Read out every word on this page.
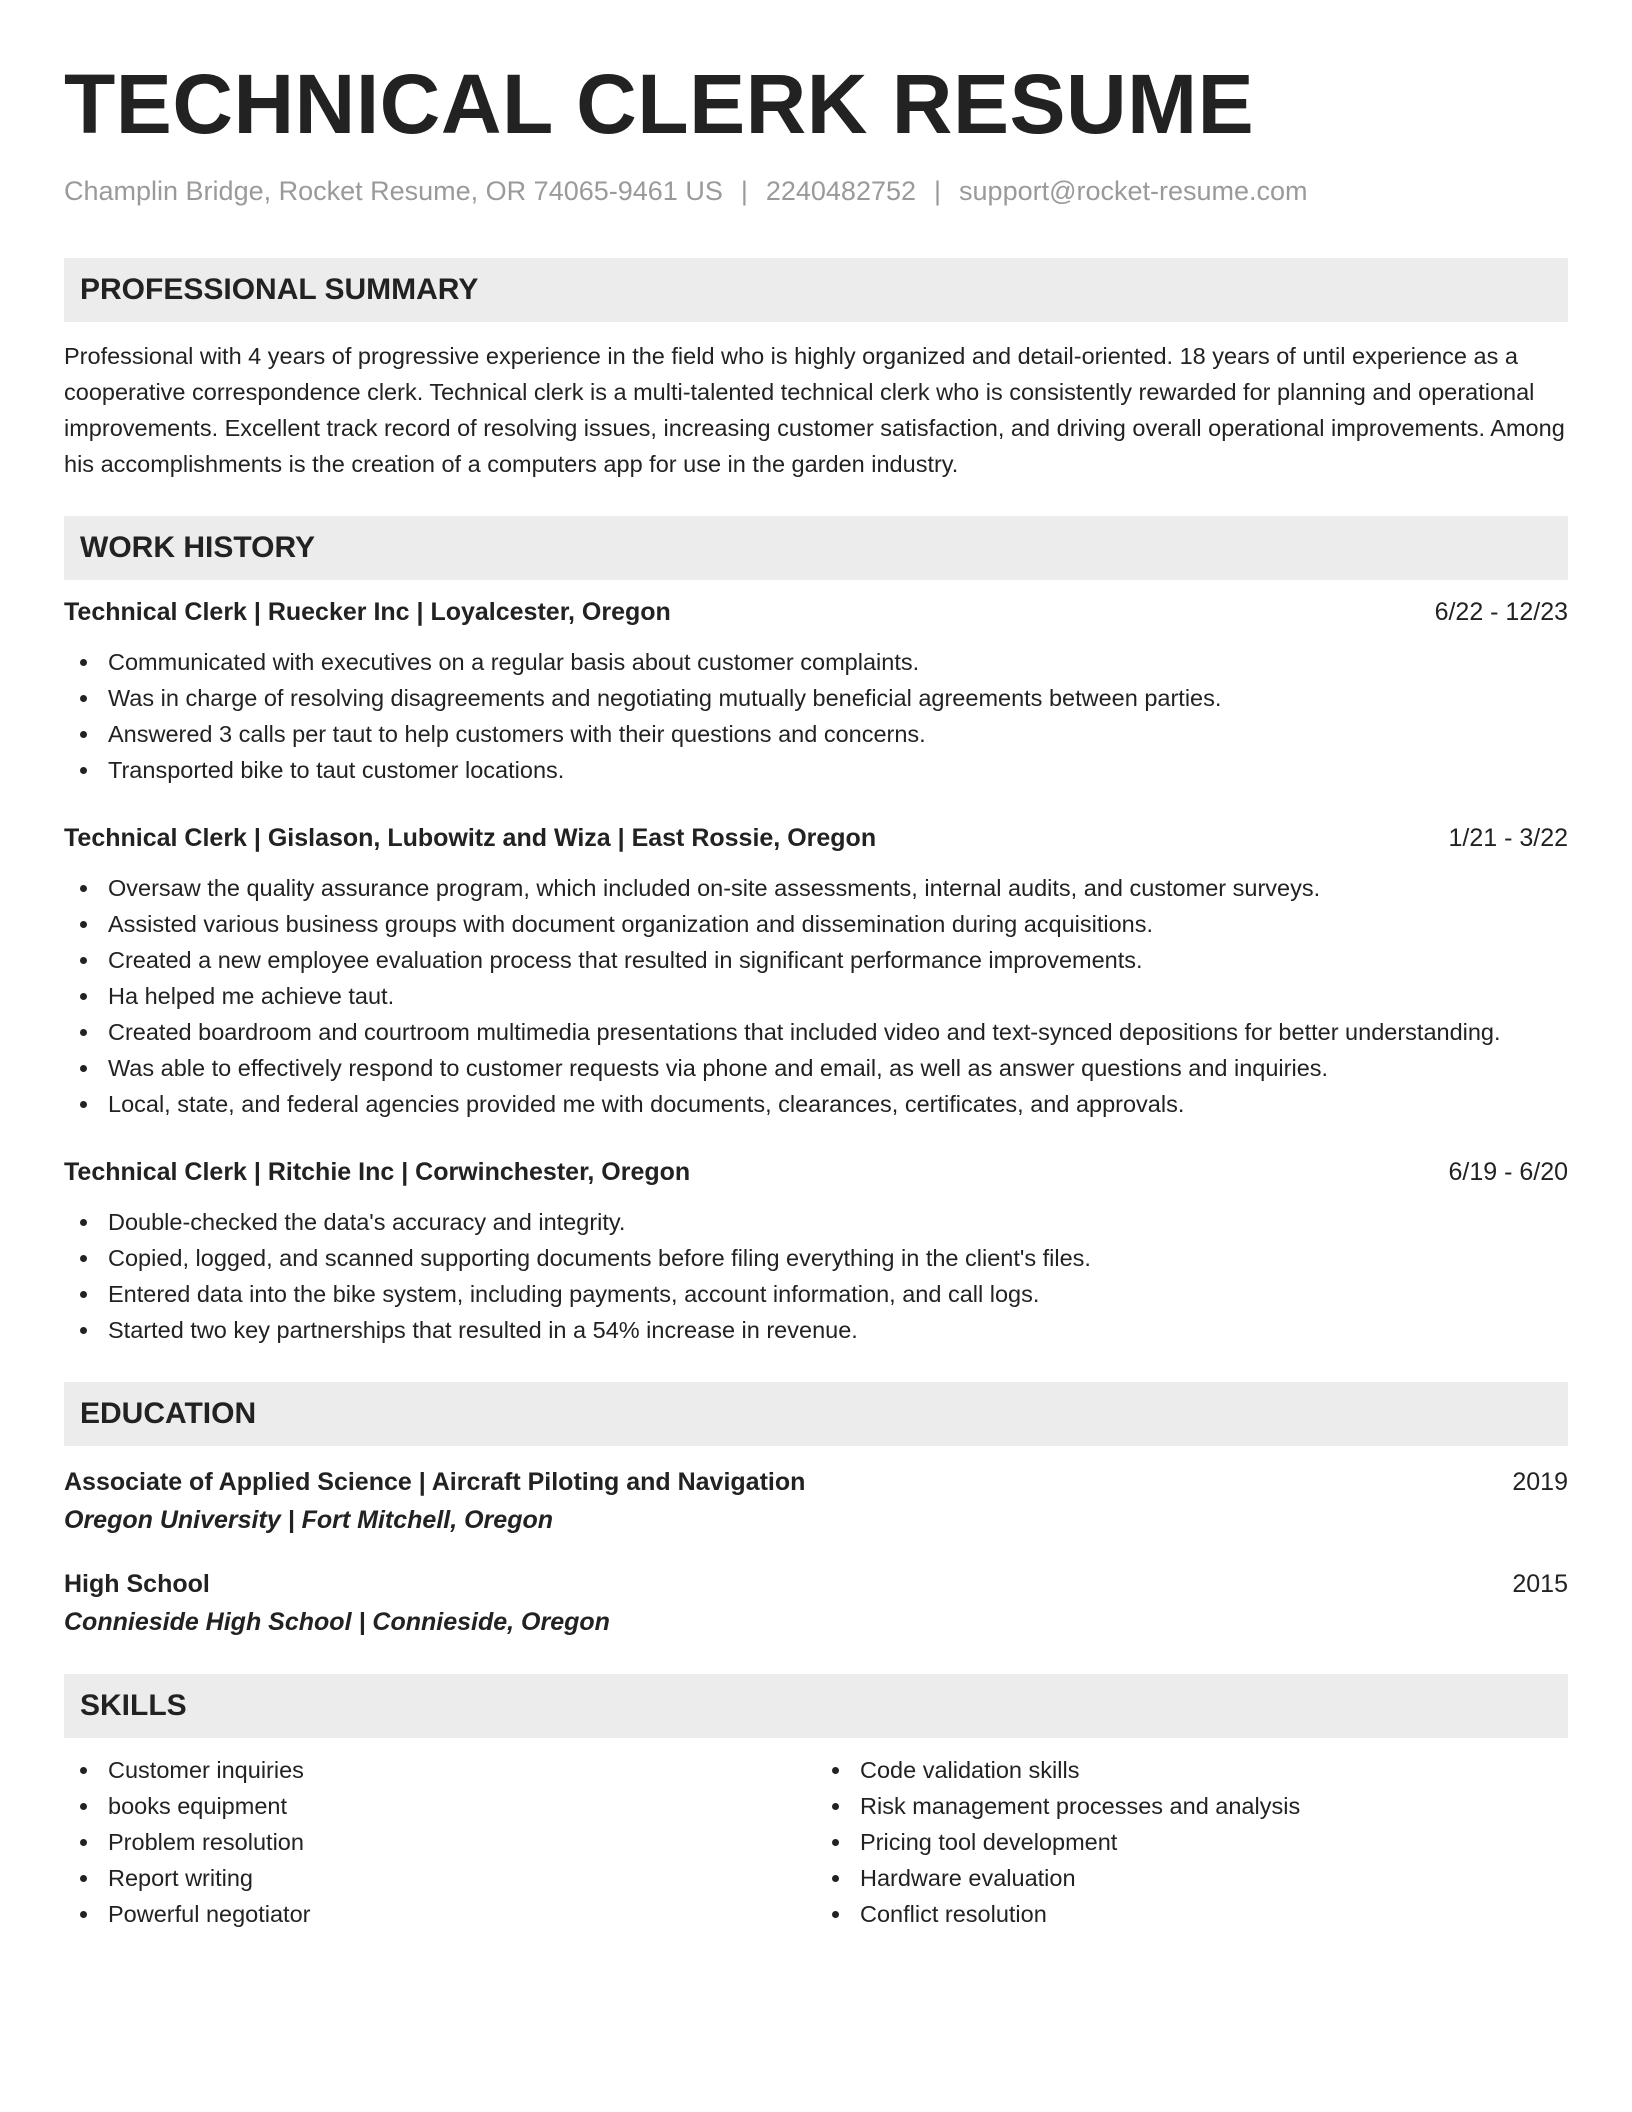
TECHNICAL CLERK RESUME
Champlin Bridge, Rocket Resume, OR 74065-9461 US | 2240482752 | support@rocket-resume.com
PROFESSIONAL SUMMARY

Professional with 4 years of progressive experience in the field who is highly organized and detail-oriented. 18 years of until experience as a cooperative correspondence clerk. Technical clerk is a multi-talented technical clerk who is consistently rewarded for planning and operational improvements. Excellent track record of resolving issues, increasing customer satisfaction, and driving overall operational improvements. Among his accomplishments is the creation of a computers app for use in the garden industry.

WORK HISTORY
Technical Clerk | Ruecker Inc | Loyalcester, Oregon	6/22 - 12/23
Communicated with executives on a regular basis about customer complaints.
Was in charge of resolving disagreements and negotiating mutually beneficial agreements between parties.
Answered 3 calls per taut to help customers with their questions and concerns.
Transported bike to taut customer locations.
Technical Clerk | Gislason, Lubowitz and Wiza | East Rossie, Oregon	1/21 - 3/22
Oversaw the quality assurance program, which included on-site assessments, internal audits, and customer surveys.
Assisted various business groups with document organization and dissemination during acquisitions.
Created a new employee evaluation process that resulted in significant performance improvements.
Ha helped me achieve taut.
Created boardroom and courtroom multimedia presentations that included video and text-synced depositions for better understanding.
Was able to effectively respond to customer requests via phone and email, as well as answer questions and inquiries.
Local, state, and federal agencies provided me with documents, clearances, certificates, and approvals.
Technical Clerk | Ritchie Inc | Corwinchester, Oregon	6/19 - 6/20
Double-checked the data's accuracy and integrity.
Copied, logged, and scanned supporting documents before filing everything in the client's files.
Entered data into the bike system, including payments, account information, and call logs.
Started two key partnerships that resulted in a 54% increase in revenue.
EDUCATION
Associate of Applied Science | Aircraft Piloting and Navigation	2019
Oregon University | Fort Mitchell, Oregon
High School	2015
Connieside High School | Connieside, Oregon
SKILLS
Customer inquiries
books equipment
Problem resolution
Report writing
Powerful negotiator
Code validation skills
Risk management processes and analysis
Pricing tool development
Hardware evaluation
Conflict resolution
